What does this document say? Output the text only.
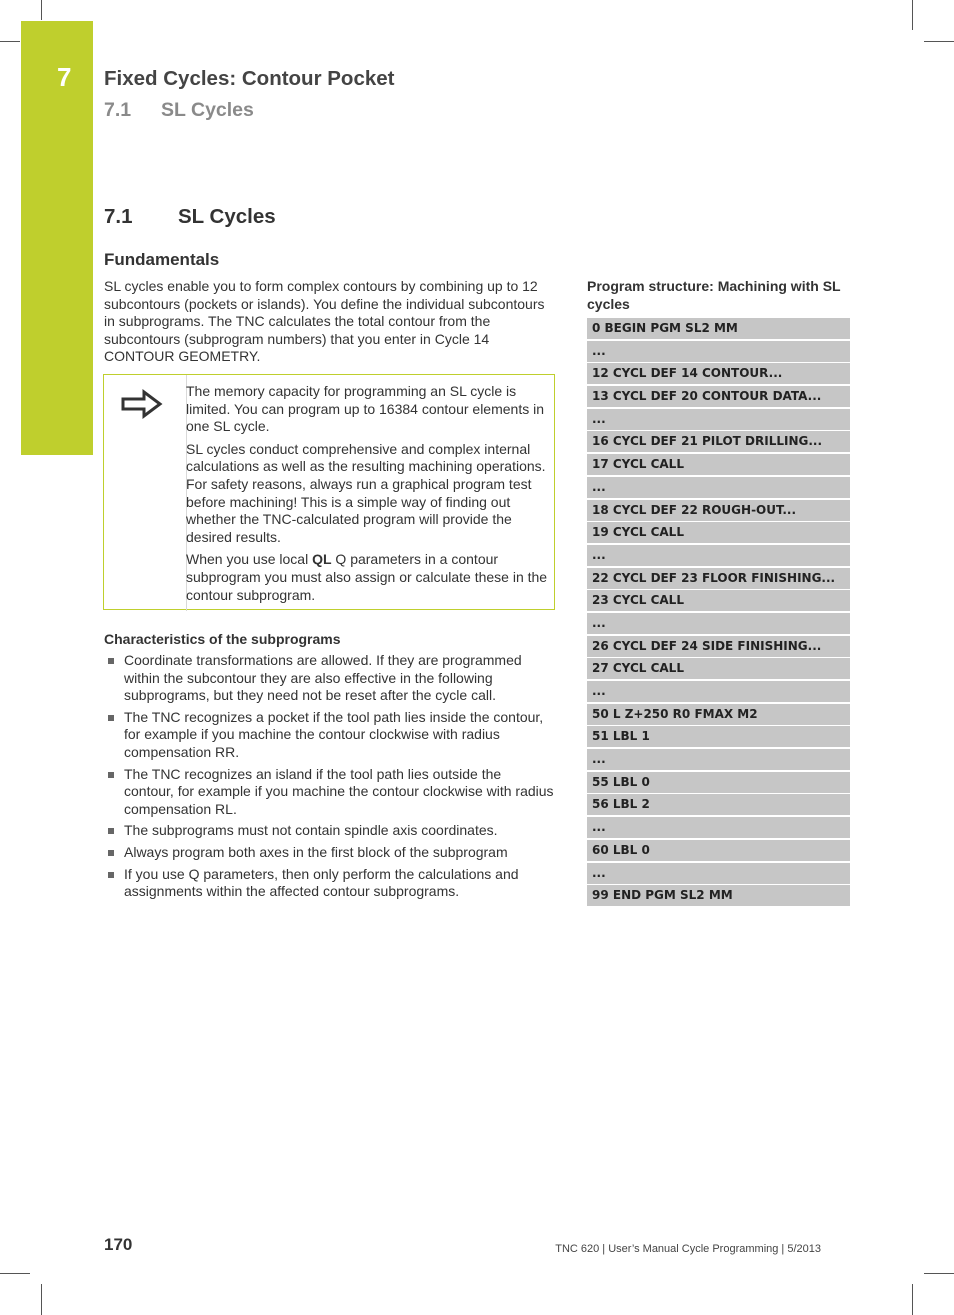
7 Fixed Cycles: Contour Pocket
7.1 SL Cycles
7.1 SL Cycles
Fundamentals

SL cycles enable you to form complex contours by combining up to 12 subcontours (pockets or islands). You define the individual subcontours in subprograms. The TNC calculates the total contour from the subcontours (subprogram numbers) that you enter in Cycle 14 CONTOUR GEOMETRY.

The memory capacity for programming an SL cycle is limited. You can program up to 16384 contour elements in one SL cycle.

SL cycles conduct comprehensive and complex internal calculations as well as the resulting machining operations. For safety reasons, always run a graphical program test before machining! This is a simple way of finding out whether the TNC-calculated program will provide the desired results.

When you use local QL Q parameters in a contour subprogram you must also assign or calculate these in the contour subprogram.

Characteristics of the subprograms
Coordinate transformations are allowed. If they are programmed within the subcontour they are also effective in the following subprograms, but they need not be reset after the cycle call.
The TNC recognizes a pocket if the tool path lies inside the contour, for example if you machine the contour clockwise with radius compensation RR.
The TNC recognizes an island if the tool path lies outside the contour, for example if you machine the contour clockwise with radius compensation RL.
The subprograms must not contain spindle axis coordinates.
Always program both axes in the first block of the subprogram
If you use Q parameters, then only perform the calculations and assignments within the affected contour subprograms.
Program structure: Machining with SL cycles
0 BEGIN PGM SL2 MM
...
12 CYCL DEF 14 CONTOUR...
13 CYCL DEF 20 CONTOUR DATA...
...
16 CYCL DEF 21 PILOT DRILLING...
17 CYCL CALL
...
18 CYCL DEF 22 ROUGH-OUT...
19 CYCL CALL
...
22 CYCL DEF 23 FLOOR FINISHING...
23 CYCL CALL
...
26 CYCL DEF 24 SIDE FINISHING...
27 CYCL CALL
...
50 L Z+250 R0 FMAX M2
51 LBL 1
...
55 LBL 0
56 LBL 2
...
60 LBL 0
...
99 END PGM SL2 MM
170	TNC 620 | User’s Manual Cycle Programming | 5/2013
